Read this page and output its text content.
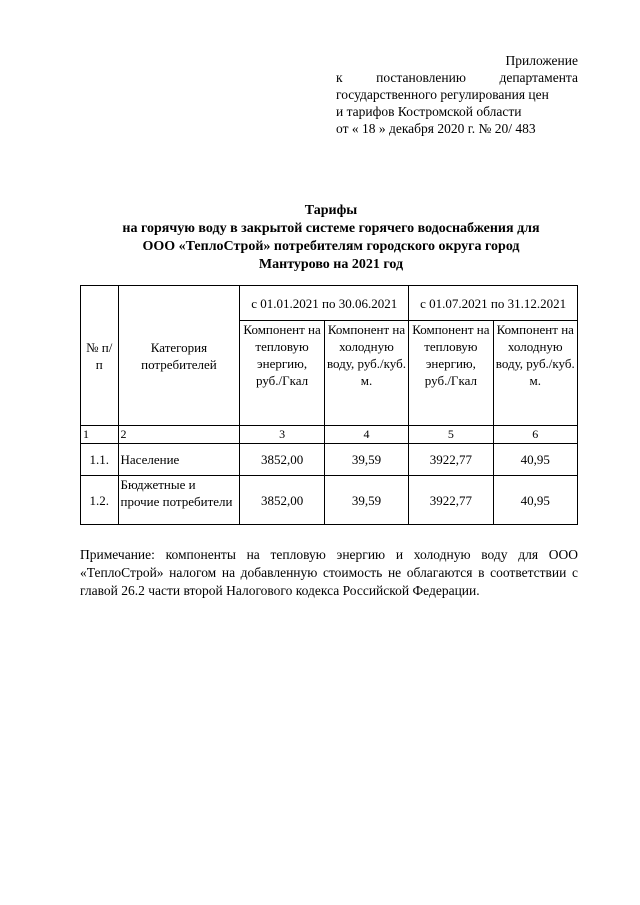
Приложение
к постановлению департамента
государственного регулирования цен
и тарифов Костромской области
от « 18 » декабря 2020 г. № 20/ 483
Тарифы
на горячую воду в закрытой системе горячего водоснабжения для
ООО «ТеплоСтрой» потребителям городского округа город
Мантурово на 2021 год
№ п/п	Категория потребителей	с 01.01.2021 по 30.06.2021		с 01.07.2021 по 31.12.2021	
		Компонент на тепловую энергию, руб./Гкал	Компонент на холодную воду, руб./куб. м.	Компонент на тепловую энергию, руб./Гкал	Компонент на холодную воду, руб./куб. м.
1	2	3	4	5	6
1.1.	Население	3852,00	39,59	3922,77	40,95
1.2.	Бюджетные и прочие потребители	3852,00	39,59	3922,77	40,95
Примечание: компоненты на тепловую энергию и холодную воду для ООО «ТеплоСтрой» налогом на добавленную стоимость не облагаются в соответствии с главой 26.2 части второй Налогового кодекса Российской Федерации.
